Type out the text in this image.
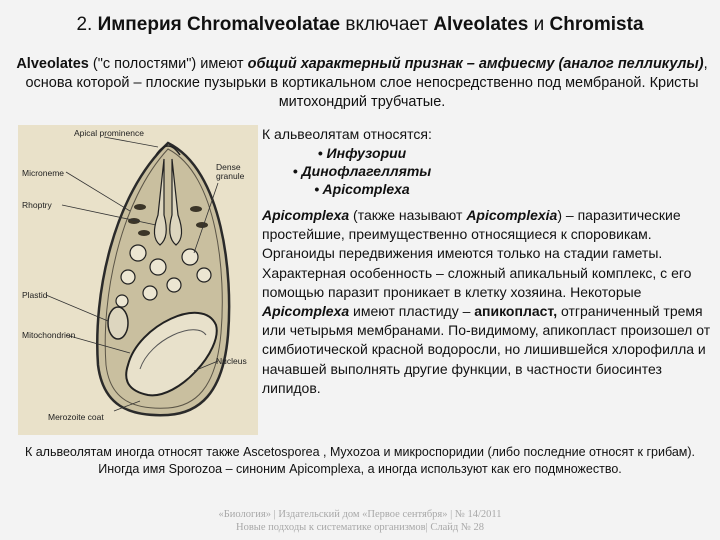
2. Империя Chromalveolatae включает Alveolates и Chromista
Alveolates ("с полостями") имеют общий характерный признак – амфиесму (аналог пелликулы), основа которой – плоские пузырьки в кортикальном слое непосредственно под мембраной. Кристы митохондрий трубчатые.
Apical prominence
Microneme
Dense granule
Rhoptry
Plastid
Mitochondrion
Nucleus
Merozoite coat
К альвеолятам относятся:
• Инфузории
• Динофлагелляты
• Apicomplexa
Apicomplexa (также называют Apicomplexia) – паразитические простейшие, преимущественно относящиеся к споровикам. Органоиды передвижения имеются только на стадии гаметы. Характерная особенность – сложный апикальный комплекс, с его помощью паразит проникает в клетку хозяина. Некоторые Apicomplexa имеют пластиду – апикопласт, отграниченный тремя или четырьмя мембранами. По-видимому, апикопласт произошел от симбиотической красной водоросли, но лишившейся хлорофилла и начавшей выполнять другие функции, в частности биосинтез липидов.
К альвеолятам иногда относят также Ascetosporea , Myxozoa и микроспоридии (либо последние относят к грибам). Иногда имя Sporozoa – синоним Apicomplexa, а иногда используют как его подмножество.
«Биология» | Издательский дом «Первое сентября» | № 14/2011
Новые подходы к систематике организмов| Слайд № 28
